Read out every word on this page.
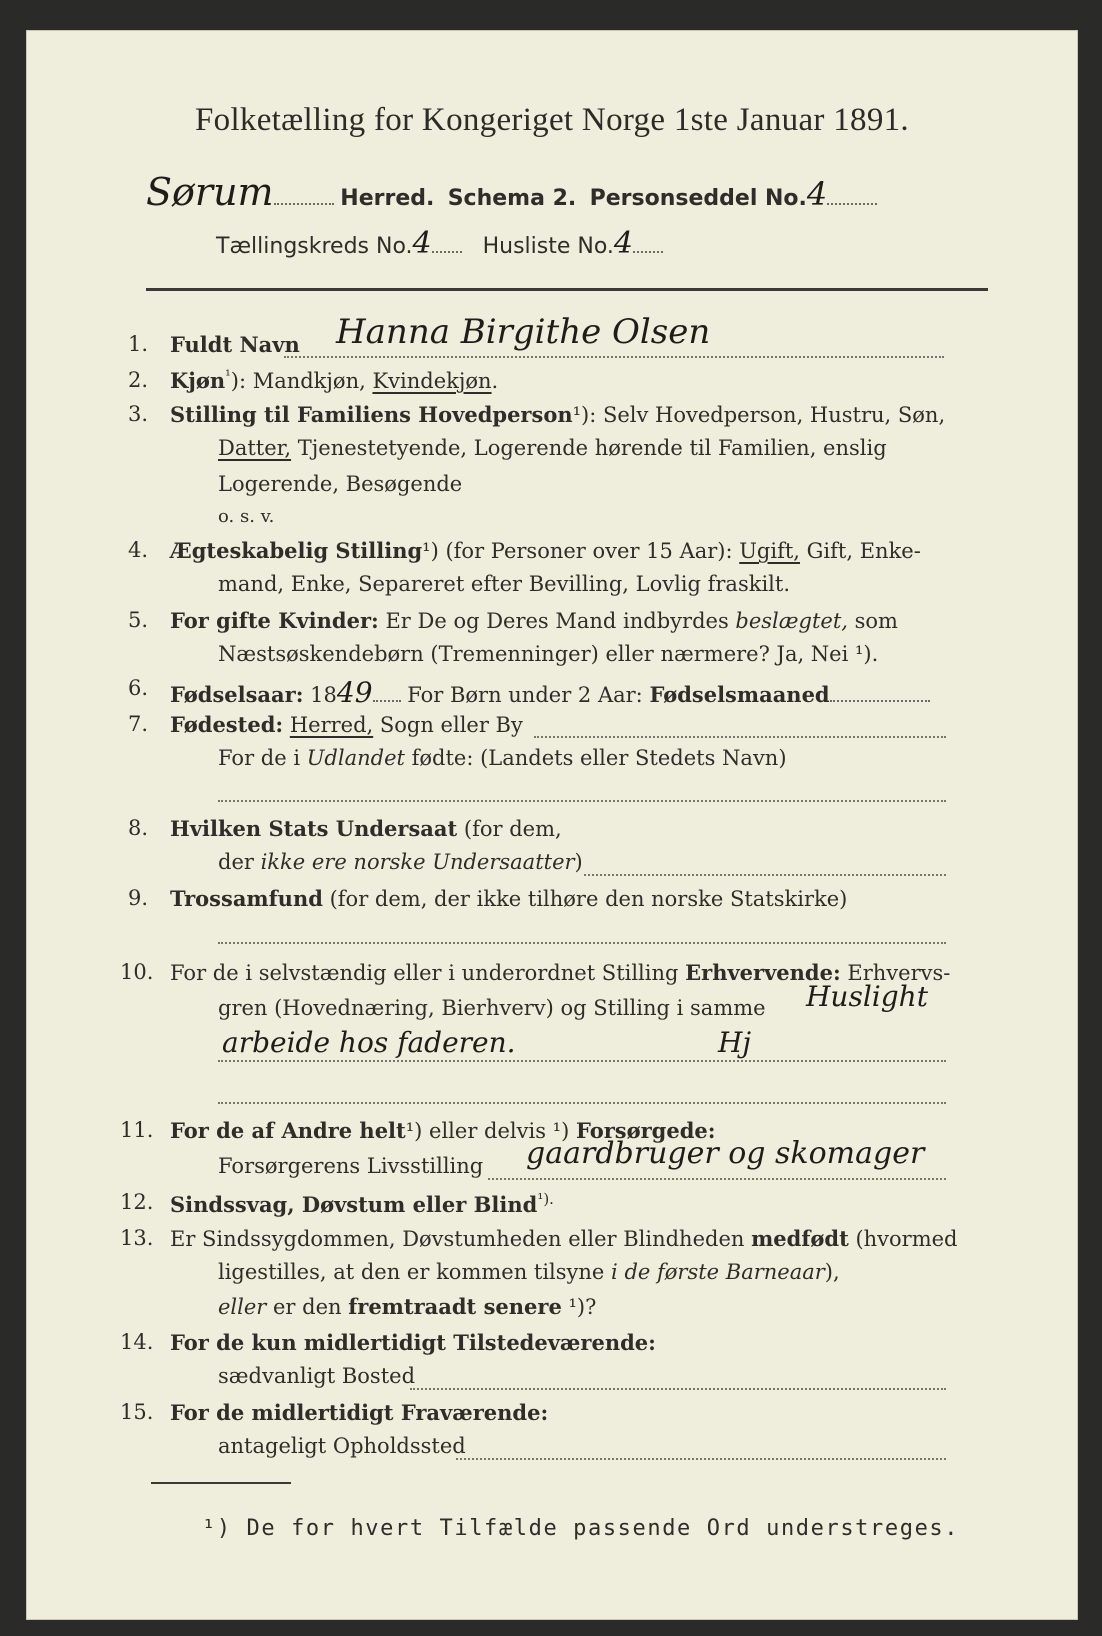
Folketælling for Kongeriget Norge 1ste Januar 1891.
Sørum	Herred. Schema 2. Personseddel No.4
Tællingskreds No.4 Husliste No.4
1. Fuldt Navn Hanna Birgithe Olsen
2. Kjøn$^{^1}$): Mandkjøn, Kvindekjøn.
3. Stilling til Familiens Hovedperson¹): Selv Hovedperson, Hustru, Søn,
Datter, Tjenestetyende, Logerende hørende til Familien, enslig
Logerende, Besøgende
o. s. v.
4. Ægteskabelig Stilling¹) (for Personer over 15 Aar): Ugift, Gift, Enke-
mand, Enke, Separeret efter Bevilling, Lovlig fraskilt.
5. For gifte Kvinder: Er De og Deres Mand indbyrdes beslægtet, som
Næstsøskendebørn (Tremenninger) eller nærmere? Ja, Nei ¹).
6. Fødselsaar: 1849 For Børn under 2 Aar: Fødselsmaaned
7. Fødested: Herred, Sogn eller By
For de i Udlandet fødte: (Landets eller Stedets Navn)
8. Hvilken Stats Undersaat (for dem,
der ikke ere norske Undersaatter)
9. Trossamfund (for dem, der ikke tilhøre den norske Statskirke)
10. For de i selvstændig eller i underordnet Stilling Erhvervende: Erhvervs-
gren (Hovednæring, Bierhverv) og Stilling i samme Huslight
arbeide hos faderen.	Hj
11. For de af Andre helt¹) eller delvis ¹) Forsørgede:
Forsørgerens Livsstilling gaardbruger og skomager
12. Sindssvag, Døvstum eller Blind$^{^1).}$
13. Er Sindssygdommen, Døvstumheden eller Blindheden medfødt (hvormed
ligestilles, at den er kommen tilsyne i de første Barneaar),
eller er den fremtraadt senere ¹)?
14. For de kun midlertidigt Tilstedeværende:
sædvanligt Bosted
15. For de midlertidigt Fraværende:
antageligt Opholdssted
¹) De for hvert Tilfælde passende Ord understreges.
